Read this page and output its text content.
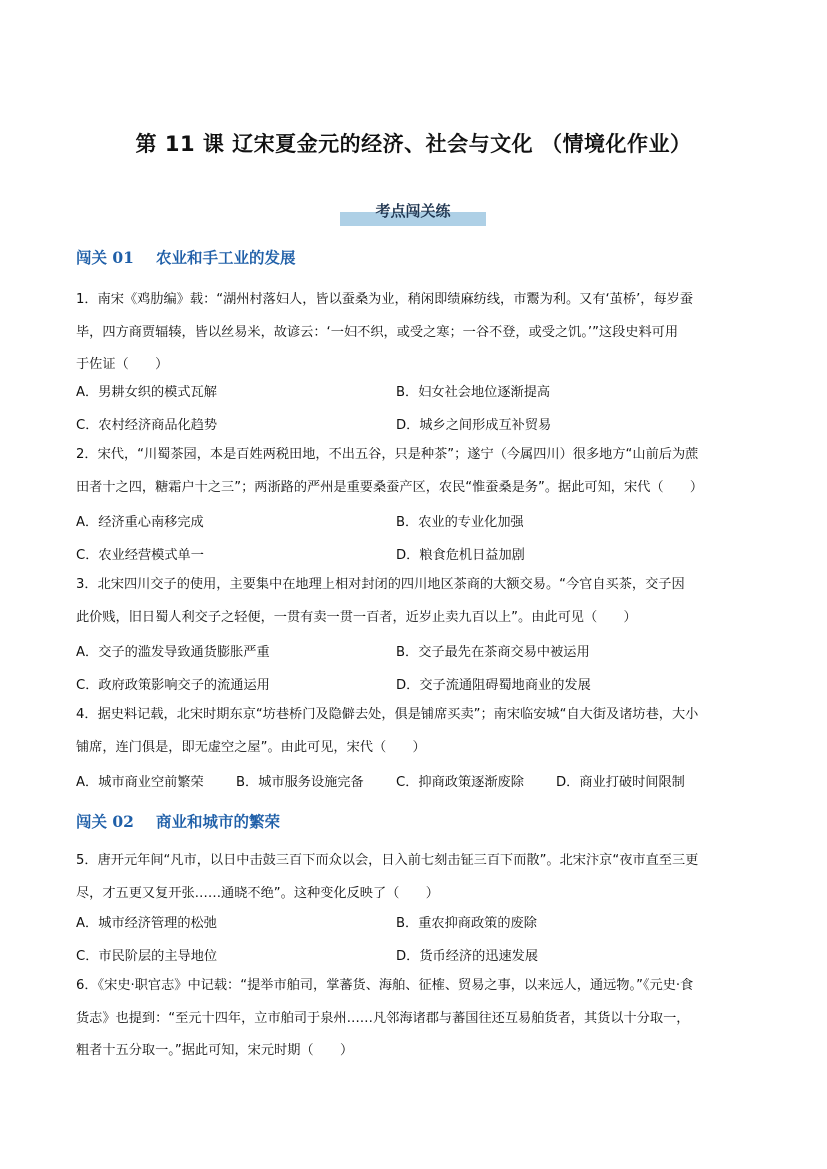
第 11 课 辽宋夏金元的经济、社会与文化 （情境化作业）
考点闯关练
闯关 01 农业和手工业的发展
1．南宋《鸡肋编》载：“湖州村落妇人，皆以蚕桑为业，稍闲即绩麻纺线，市鬻为利。又有‘茧桥’，每岁蚕
毕，四方商贾辐辏，皆以丝易米，故谚云：‘一妇不织，或受之寒；一谷不登，或受之饥。’”这段史料可用
于佐证（　　）
A．男耕女织的模式瓦解	B．妇女社会地位逐渐提高
C．农村经济商品化趋势	D．城乡之间形成互补贸易
2．宋代，“川蜀茶园，本是百姓两税田地，不出五谷，只是种茶”；遂宁（今属四川）很多地方“山前后为蔗
田者十之四，糖霜户十之三”；两浙路的严州是重要桑蚕产区，农民“惟蚕桑是务”。据此可知，宋代（　　）
A．经济重心南移完成	B．农业的专业化加强
C．农业经营模式单一	D．粮食危机日益加剧
3．北宋四川交子的使用，主要集中在地理上相对封闭的四川地区茶商的大额交易。“今官自买茶，交子因
此价贱，旧日蜀人利交子之轻便，一贯有卖一贯一百者，近岁止卖九百以上”。由此可见（　　）
A．交子的滥发导致通货膨胀严重	B．交子最先在茶商交易中被运用
C．政府政策影响交子的流通运用	D．交子流通阻碍蜀地商业的发展
4．据史料记载，北宋时期东京“坊巷桥门及隐僻去处，俱是铺席买卖”；南宋临安城“自大街及诸坊巷，大小
铺席，连门俱是，即无虚空之屋”。由此可见，宋代（　　）
A．城市商业空前繁荣 B．城市服务设施完备 C．抑商政策逐渐废除 D．商业打破时间限制
闯关 02 商业和城市的繁荣
5．唐开元年间“凡市，以日中击鼓三百下而众以会，日入前七刻击钲三百下而散”。北宋汴京“夜市直至三更
尽，才五更又复开张……通晓不绝”。这种变化反映了（　　）
A．城市经济管理的松弛	B．重农抑商政策的废除
C．市民阶层的主导地位	D．货币经济的迅速发展
6．《宋史·职官志》中记载：“提举市舶司，掌蕃货、海舶、征榷、贸易之事，以来远人，通远物。”《元史·食
货志》也提到：“至元十四年，立市舶司于泉州……凡邻海诸郡与蕃国往还互易舶货者，其货以十分取一，
粗者十五分取一。”据此可知，宋元时期（　　）
